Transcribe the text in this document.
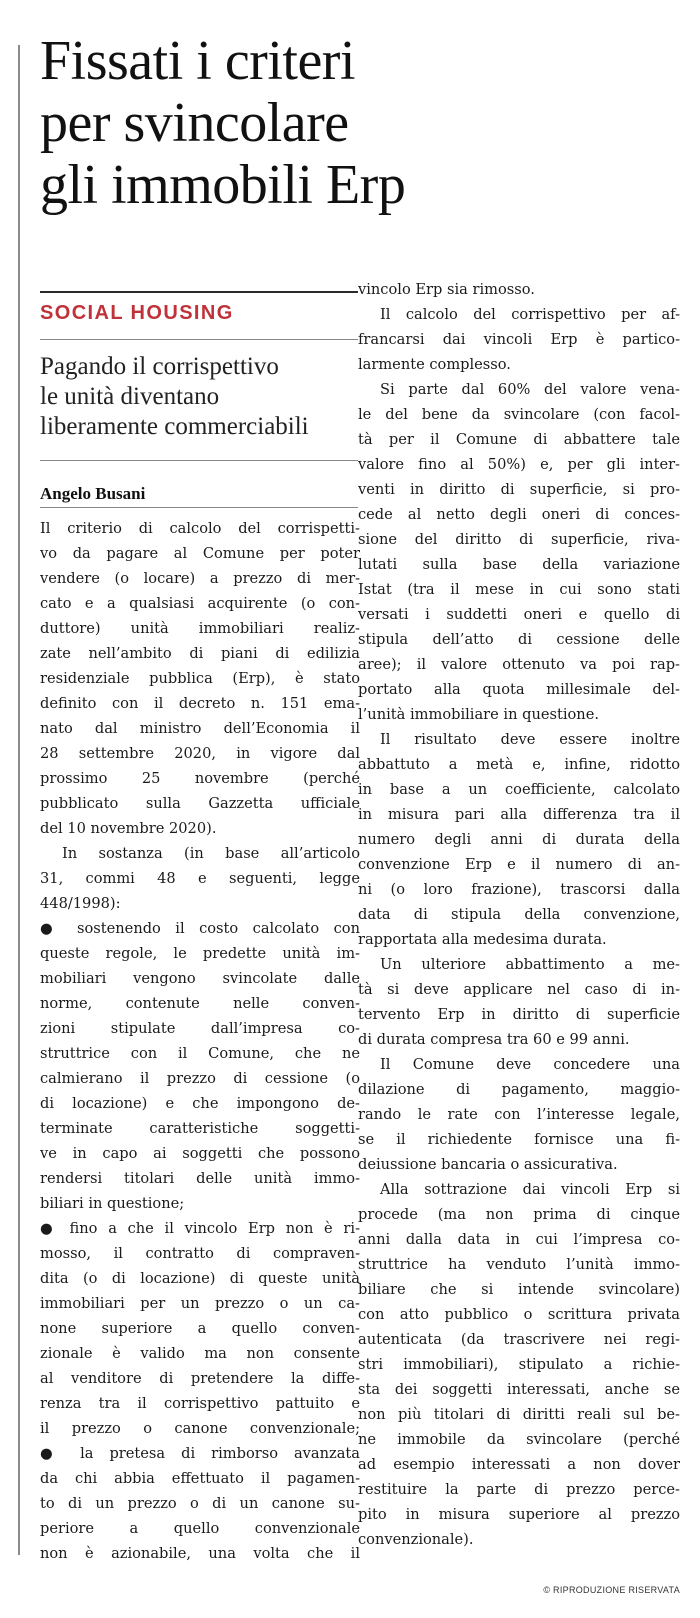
Fissati i criteri
per svincolare
gli immobili Erp
SOCIAL HOUSING
Pagando il corrispettivo
le unità diventano
liberamente commerciabili
Angelo Busani
Il criterio di calcolo del corrispetti-
vo da pagare al Comune per poter
vendere (o locare) a prezzo di mer-
cato e a qualsiasi acquirente (o con-
duttore) unità immobiliari realiz-
zate nell’ambito di piani di edilizia
residenziale pubblica (Erp), è stato
definito con il decreto n. 151 ema-
nato dal ministro dell’Economia il
28 settembre 2020, in vigore dal
prossimo 25 novembre (perché
pubblicato sulla Gazzetta ufficiale
del 10 novembre 2020).
In sostanza (in base all’articolo
31, commi 48 e seguenti, legge
448/1998):
● sostenendo il costo calcolato con
queste regole, le predette unità im-
mobiliari vengono svincolate dalle
norme, contenute nelle conven-
zioni stipulate dall’impresa co-
struttrice con il Comune, che ne
calmierano il prezzo di cessione (o
di locazione) e che impongono de-
terminate caratteristiche soggetti-
ve in capo ai soggetti che possono
rendersi titolari delle unità immo-
biliari in questione;
● fino a che il vincolo Erp non è ri-
mosso, il contratto di compraven-
dita (o di locazione) di queste unità
immobiliari per un prezzo o un ca-
none superiore a quello conven-
zionale è valido ma non consente
al venditore di pretendere la diffe-
renza tra il corrispettivo pattuito e
il prezzo o canone convenzionale;
● la pretesa di rimborso avanzata
da chi abbia effettuato il pagamen-
to di un prezzo o di un canone su-
periore a quello convenzionale
non è azionabile, una volta che il
vincolo Erp sia rimosso.
Il calcolo del corrispettivo per af-
francarsi dai vincoli Erp è partico-
larmente complesso.
Si parte dal 60% del valore vena-
le del bene da svincolare (con facol-
tà per il Comune di abbattere tale
valore fino al 50%) e, per gli inter-
venti in diritto di superficie, si pro-
cede al netto degli oneri di conces-
sione del diritto di superficie, riva-
lutati sulla base della variazione
Istat (tra il mese in cui sono stati
versati i suddetti oneri e quello di
stipula dell’atto di cessione delle
aree); il valore ottenuto va poi rap-
portato alla quota millesimale del-
l’unità immobiliare in questione.
Il risultato deve essere inoltre
abbattuto a metà e, infine, ridotto
in base a un coefficiente, calcolato
in misura pari alla differenza tra il
numero degli anni di durata della
convenzione Erp e il numero di an-
ni (o loro frazione), trascorsi dalla
data di stipula della convenzione,
rapportata alla medesima durata.
Un ulteriore abbattimento a me-
tà si deve applicare nel caso di in-
tervento Erp in diritto di superficie
di durata compresa tra 60 e 99 anni.
Il Comune deve concedere una
dilazione di pagamento, maggio-
rando le rate con l’interesse legale,
se il richiedente fornisce una fi-
deiussione bancaria o assicurativa.
Alla sottrazione dai vincoli Erp si
procede (ma non prima di cinque
anni dalla data in cui l’impresa co-
struttrice ha venduto l’unità immo-
biliare che si intende svincolare)
con atto pubblico o scrittura privata
autenticata (da trascrivere nei regi-
stri immobiliari), stipulato a richie-
sta dei soggetti interessati, anche se
non più titolari di diritti reali sul be-
ne immobile da svincolare (perché
ad esempio interessati a non dover
restituire la parte di prezzo perce-
pito in misura superiore al prezzo
convenzionale).
© RIPRODUZIONE RISERVATA
